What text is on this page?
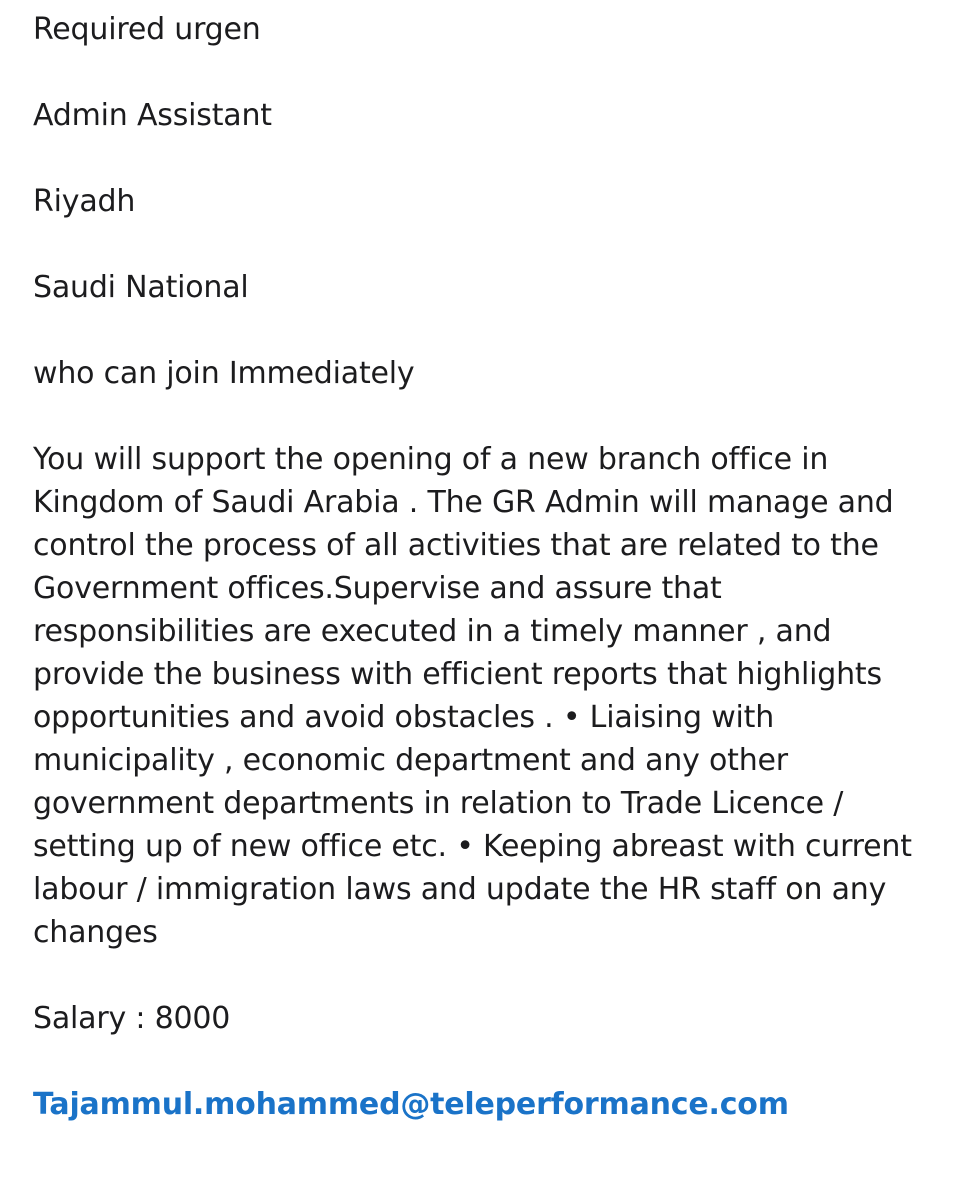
Required urgen

Admin Assistant

Riyadh

Saudi National

who can join Immediately

You will support the opening of a new branch office in Kingdom of Saudi Arabia . The GR Admin will manage and control the process of all activities that are related to the Government offices.Supervise and assure that responsibilities are executed in a timely manner , and provide the business with efficient reports that highlights opportunities and avoid obstacles . • Liaising with municipality , economic department and any other government departments in relation to Trade Licence / setting up of new office etc. • Keeping abreast with current labour / immigration laws and update the HR staff on any changes

Salary : 8000

Tajammul.mohammed@teleperformance.com
